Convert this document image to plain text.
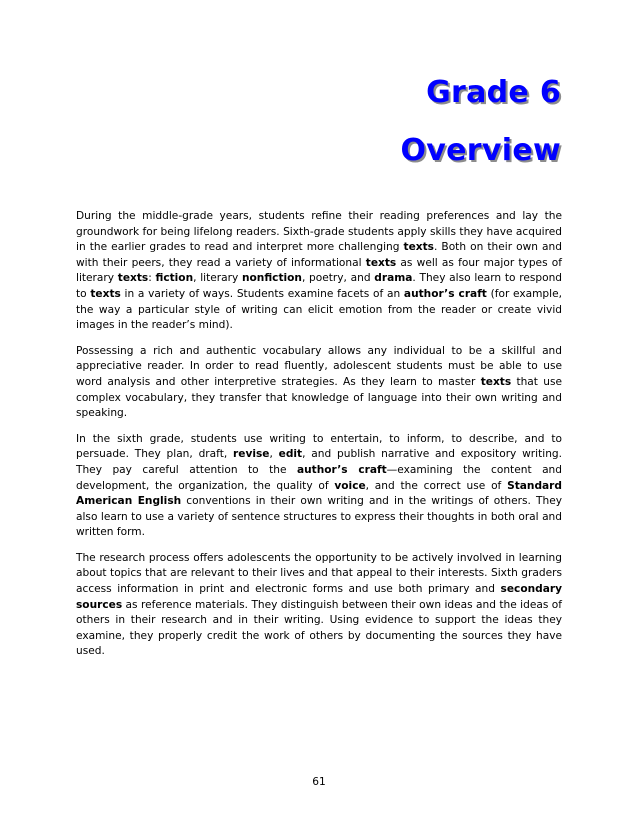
Grade 6
Overview

During the middle-grade years, students refine their reading preferences and lay the groundwork for being lifelong readers. Sixth-grade students apply skills they have acquired in the earlier grades to read and interpret more challenging texts. Both on their own and with their peers, they read a variety of informational texts as well as four major types of literary texts: fiction, literary nonfiction, poetry, and drama. They also learn to respond to texts in a variety of ways. Students examine facets of an author’s craft (for example, the way a particular style of writing can elicit emotion from the reader or create vivid images in the reader’s mind).

Possessing a rich and authentic vocabulary allows any individual to be a skillful and appreciative reader. In order to read fluently, adolescent students must be able to use word analysis and other interpretive strategies. As they learn to master texts that use complex vocabulary, they transfer that knowledge of language into their own writing and speaking.

In the sixth grade, students use writing to entertain, to inform, to describe, and to persuade. They plan, draft, revise, edit, and publish narrative and expository writing. They pay careful attention to the author’s craft—examining the content and development, the organization, the quality of voice, and the correct use of Standard American English conventions in their own writing and in the writings of others. They also learn to use a variety of sentence structures to express their thoughts in both oral and written form.

The research process offers adolescents the opportunity to be actively involved in learning about topics that are relevant to their lives and that appeal to their interests. Sixth graders access information in print and electronic forms and use both primary and secondary sources as reference materials. They distinguish between their own ideas and the ideas of others in their research and in their writing. Using evidence to support the ideas they examine, they properly credit the work of others by documenting the sources they have used.

61
